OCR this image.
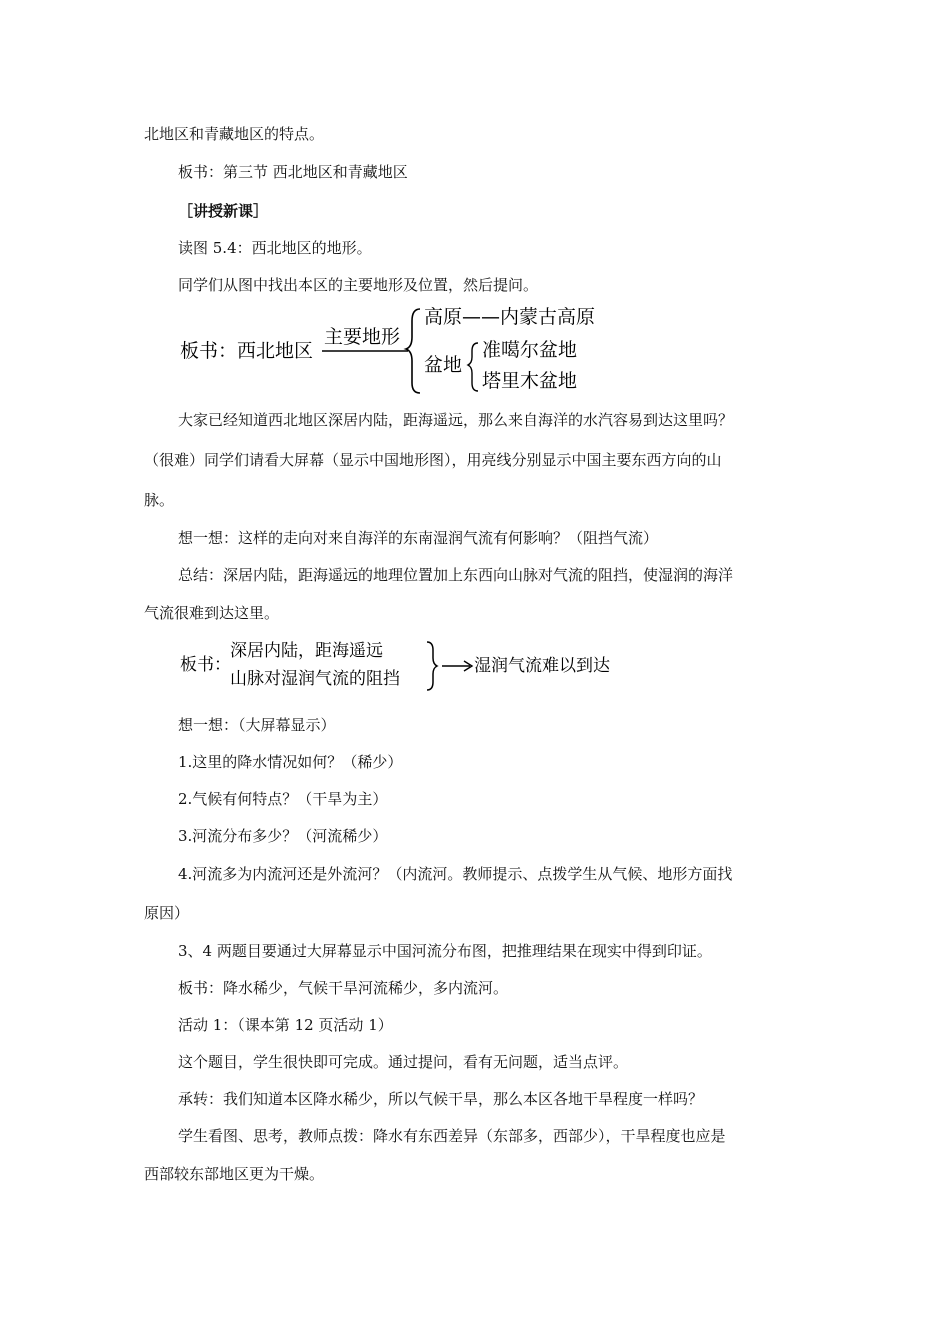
北地区和青藏地区的特点。
板书：第三节 西北地区和青藏地区
［讲授新课］
读图 5.4：西北地区的地形。
同学们从图中找出本区的主要地形及位置，然后提问。
板书：西北地区
主要地形
高原——内蒙古高原
盆地
准噶尔盆地
塔里木盆地
大家已经知道西北地区深居内陆，距海遥远，那么来自海洋的水汽容易到达这里吗？
（很难）同学们请看大屏幕（显示中国地形图），用亮线分别显示中国主要东西方向的山
脉。
想一想：这样的走向对来自海洋的东南湿润气流有何影响？（阻挡气流）
总结：深居内陆，距海遥远的地理位置加上东西向山脉对气流的阻挡，使湿润的海洋
气流很难到达这里。
板书：
深居内陆，距海遥远
山脉对湿润气流的阻挡
湿润气流难以到达
想一想：（大屏幕显示）
1.这里的降水情况如何？（稀少）
2.气候有何特点？（干旱为主）
3.河流分布多少？（河流稀少）
4.河流多为内流河还是外流河？（内流河。教师提示、点拨学生从气候、地形方面找
原因）
3、4 两题目要通过大屏幕显示中国河流分布图，把推理结果在现实中得到印证。
板书：降水稀少，气候干旱河流稀少，多内流河。
活动 1：（课本第 12 页活动 1）
这个题目，学生很快即可完成。通过提问，看有无问题，适当点评。
承转：我们知道本区降水稀少，所以气候干旱，那么本区各地干旱程度一样吗？
学生看图、思考，教师点拨：降水有东西差异（东部多，西部少），干旱程度也应是
西部较东部地区更为干燥。
